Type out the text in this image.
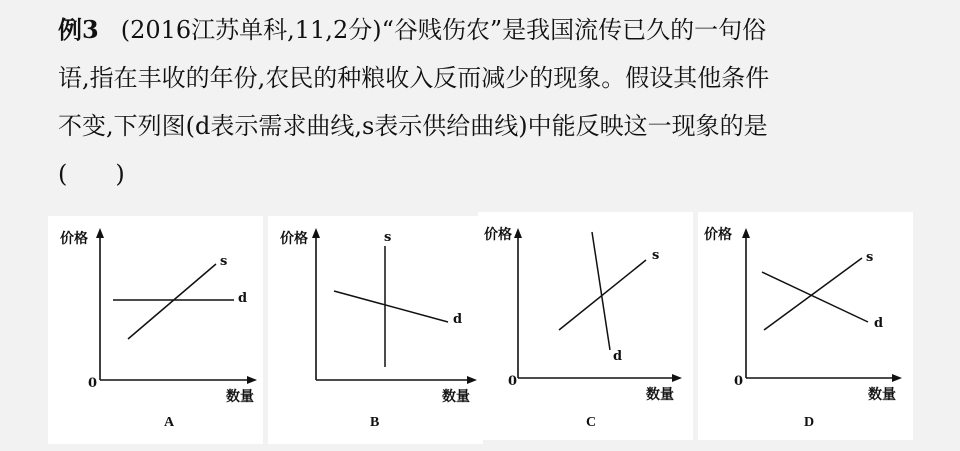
例3 (2016江苏单科,11,2分)“谷贱伤农”是我国流传已久的一句俗
语,指在丰收的年份,农民的种粮收入反而减少的现象。假设其他条件
不变,下列图(d表示需求曲线,s表示供给曲线)中能反映这一现象的是
(　　)
价格
数量
0
s
d
A
价格
数量
s
d
B
价格
数量
0
s
d
C
价格
数量
0
s
d
D
